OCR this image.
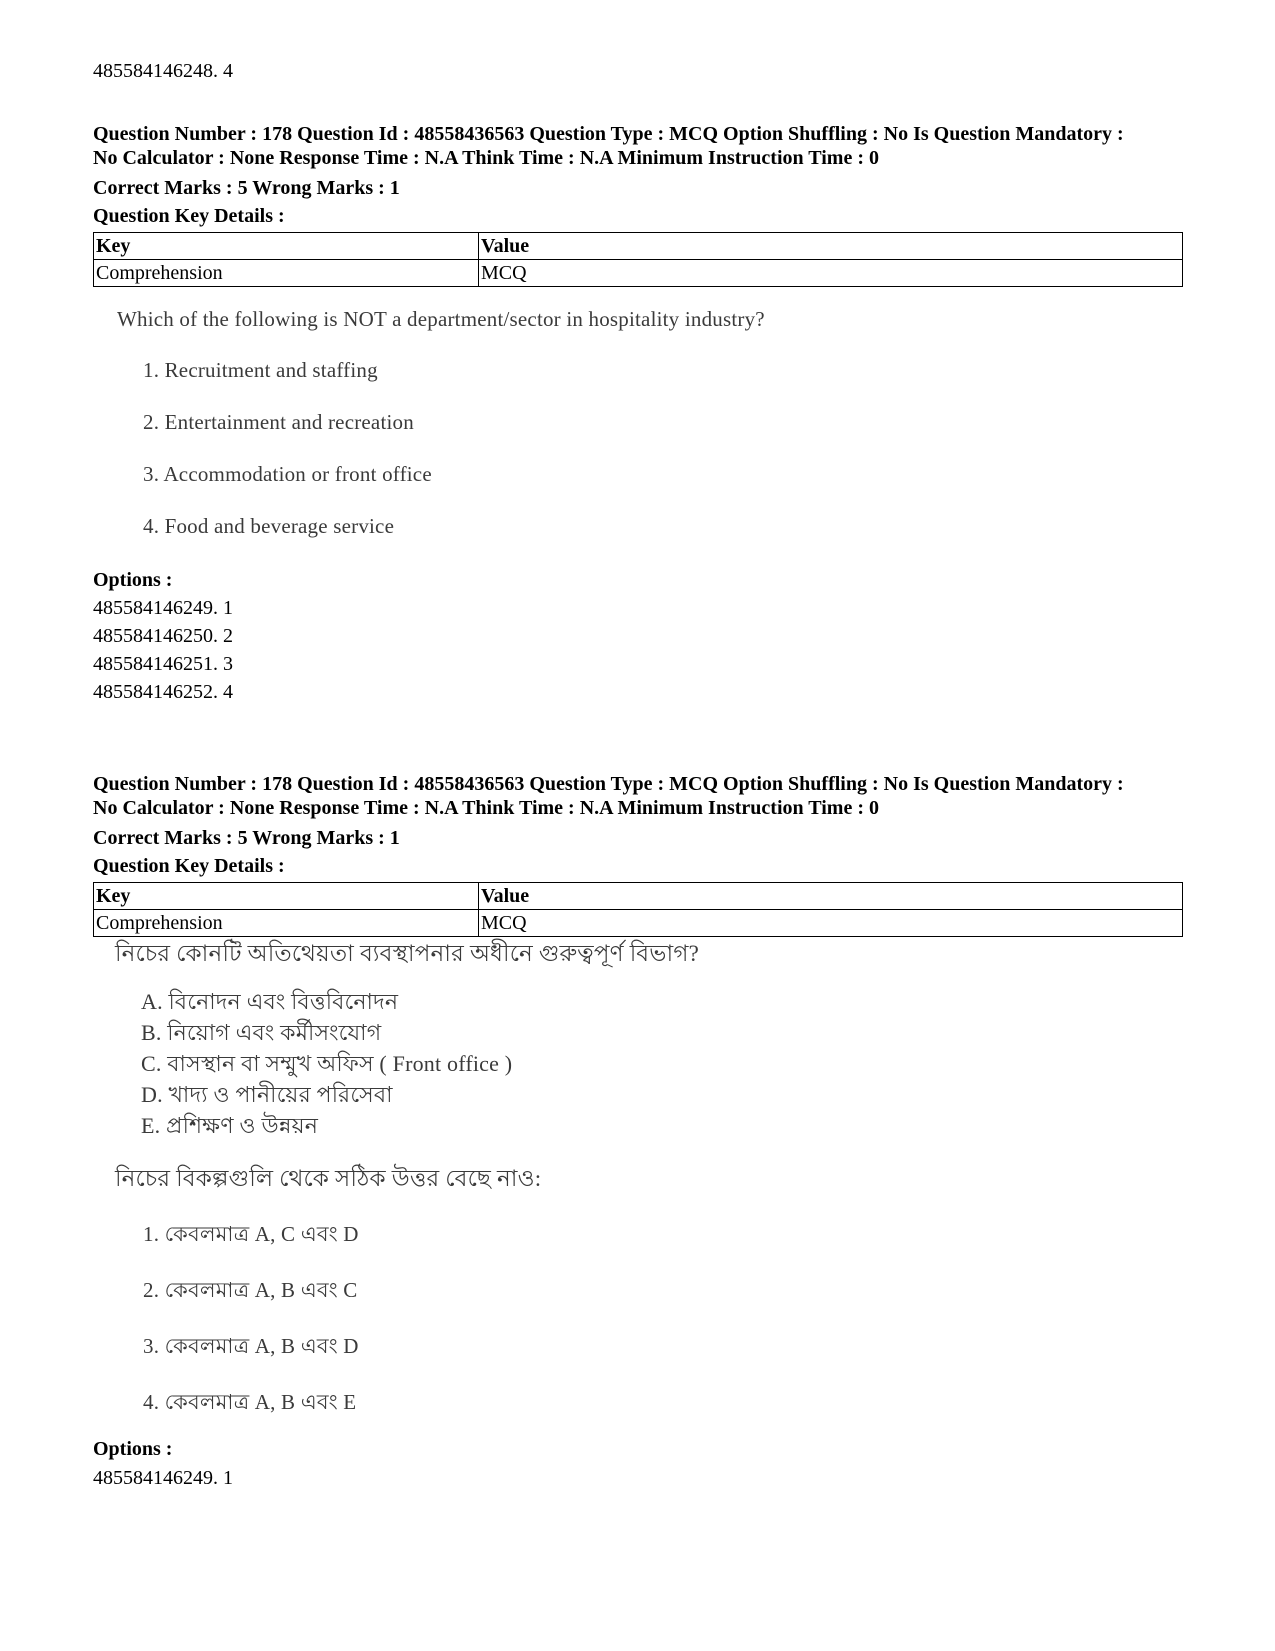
485584146248. 4

Question Number : 178 Question Id : 48558436563 Question Type : MCQ Option Shuffling : No Is Question Mandatory :

No Calculator : None Response Time : N.A Think Time : N.A Minimum Instruction Time : 0

Correct Marks : 5 Wrong Marks : 1

Question Key Details :

Key	Value
Comprehension	MCQ

Which of the following is NOT a department/sector in hospitality industry?

1. Recruitment and staffing

2. Entertainment and recreation

3. Accommodation or front office

4. Food and beverage service

Options :
485584146249. 1
485584146250. 2
485584146251. 3
485584146252. 4

Question Number : 178 Question Id : 48558436563 Question Type : MCQ Option Shuffling : No Is Question Mandatory :

No Calculator : None Response Time : N.A Think Time : N.A Minimum Instruction Time : 0

Correct Marks : 5 Wrong Marks : 1

Question Key Details :

Key	Value
Comprehension	MCQ

নিচের কোনটি অতিথেয়তা ব্যবস্থাপনার অধীনে গুরুত্বপূর্ণ বিভাগ?

A. বিনোদন এবং বিত্তবিনোদন

B. নিয়োগ এবং কর্মীসংযোগ

C. বাসস্থান বা সম্মুখ অফিস ( Front office )

D. খাদ্য ও পানীয়ের পরিসেবা

E. প্রশিক্ষণ ও উন্নয়ন

নিচের বিকল্পগুলি থেকে সঠিক উত্তর বেছে নাও:

1. কেবলমাত্র A, C এবং D

2. কেবলমাত্র A, B এবং C

3. কেবলমাত্র A, B এবং D

4. কেবলমাত্র A, B এবং E

Options :
485584146249. 1
